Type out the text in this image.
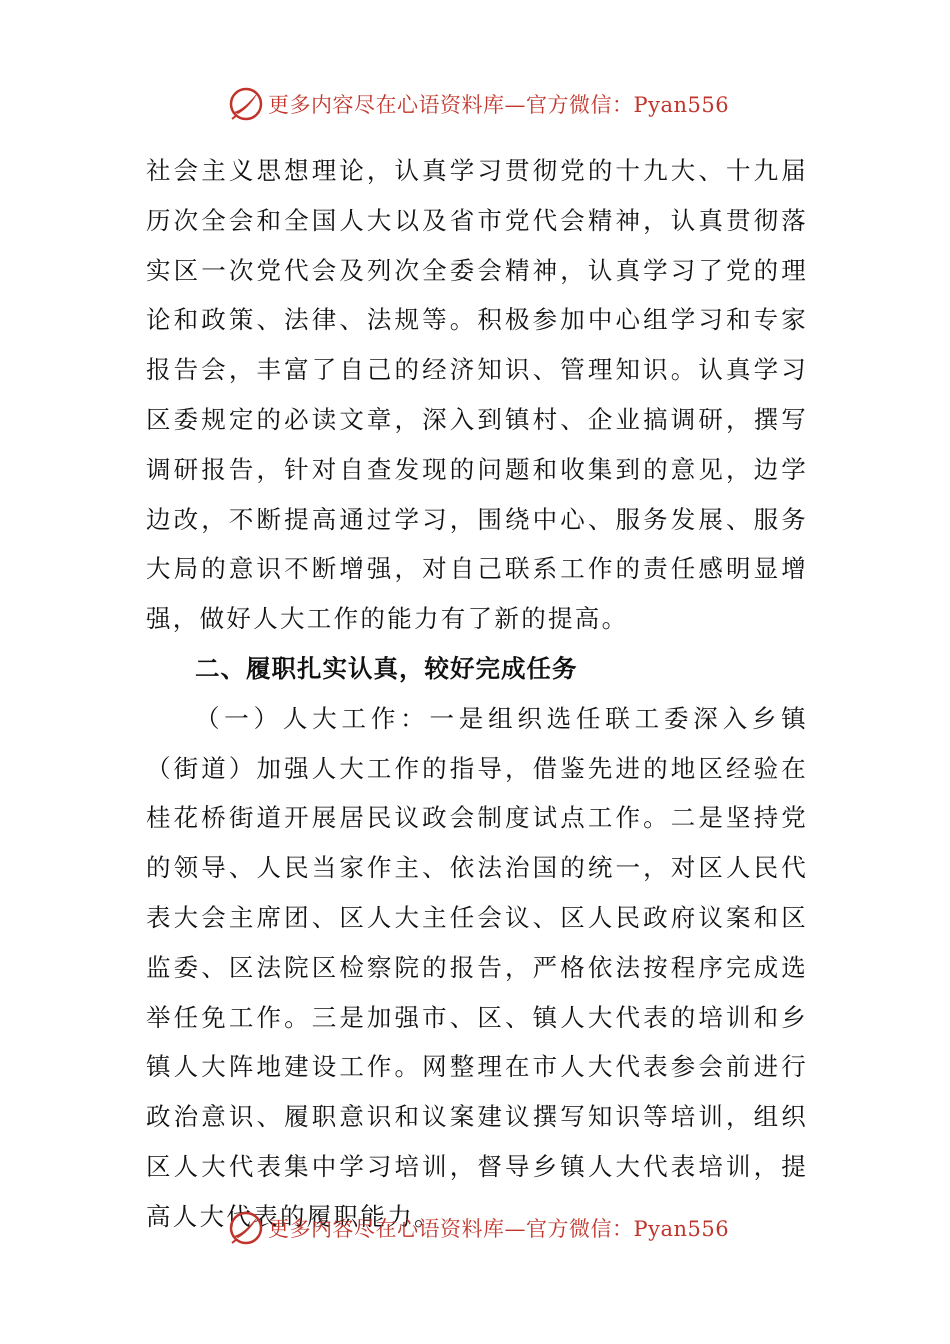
更多内容尽在心语资料库—官方微信：Pyan556

社会主义思想理论，认真学习贯彻党的十九大、十九届历次全会和全国人大以及省市党代会精神，认真贯彻落实区一次党代会及列次全委会精神，认真学习了党的理论和政策、法律、法规等。积极参加中心组学习和专家报告会，丰富了自己的经济知识、管理知识。认真学习区委规定的必读文章，深入到镇村、企业搞调研，撰写调研报告，针对自查发现的问题和收集到的意见，边学边改，不断提高通过学习，围绕中心、服务发展、服务大局的意识不断增强，对自己联系工作的责任感明显增强，做好人大工作的能力有了新的提高。

二、履职扎实认真，较好完成任务

（一）人大工作：一是组织选任联工委深入乡镇（街道）加强人大工作的指导，借鉴先进的地区经验在桂花桥街道开展居民议政会制度试点工作。二是坚持党的领导、人民当家作主、依法治国的统一，对区人民代表大会主席团、区人大主任会议、区人民政府议案和区监委、区法院区检察院的报告，严格依法按程序完成选举任免工作。三是加强市、区、镇人大代表的培训和乡镇人大阵地建设工作。网整理在市人大代表参会前进行政治意识、履职意识和议案建议撰写知识等培训，组织区人大代表集中学习培训，督导乡镇人大代表培训，提高人大代表的履职能力。

更多内容尽在心语资料库—官方微信：Pyan556
